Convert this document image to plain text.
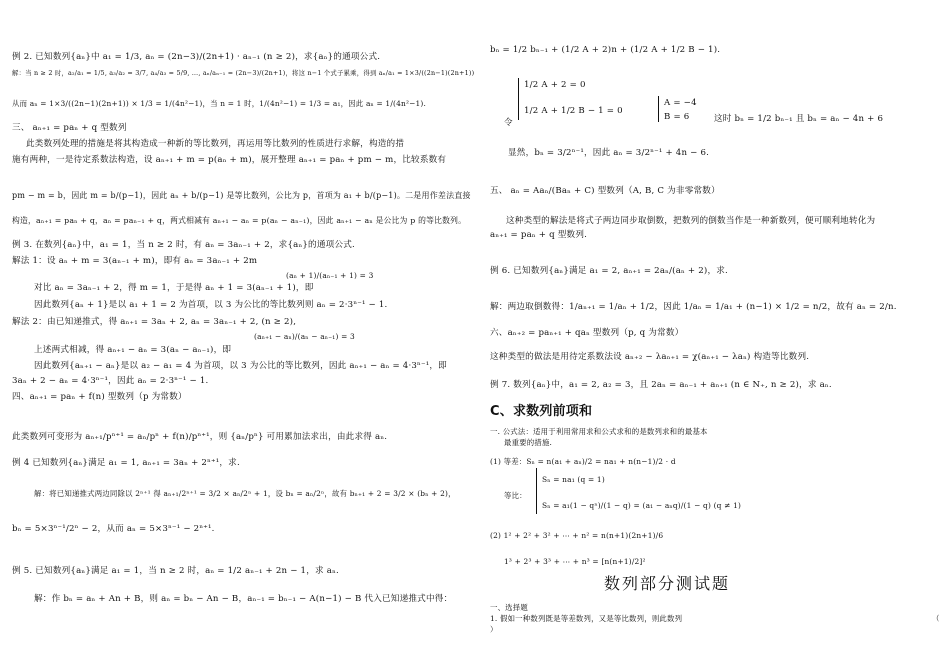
例 2. 已知数列{aₙ}中 a₁ = 1/3, aₙ = (2n−3)/(2n+1) · aₙ₋₁ (n ≥ 2)，求{aₙ}的通项公式.
解：当 n ≥ 2 时，a₂/a₁ = 1/5, a₃/a₂ = 3/7, a₄/a₃ = 5/9, …, aₙ/aₙ₋₁ = (2n−3)/(2n+1)，将这 n−1 个式子累乘，得到 aₙ/a₁ = 1×3/((2n−1)(2n+1))
从而 aₙ = 1×3/((2n−1)(2n+1)) × 1/3 = 1/(4n²−1)，当 n = 1 时，1/(4n²−1) = 1/3 = a₁，因此 aₙ = 1/(4n²−1).
三、 aₙ₊₁ = paₙ + q 型数列
此类数列处理的措施是将其构造成一种新的等比数列，再运用等比数列的性质进行求解，构造的措
施有两种，一是待定系数法构造，设 aₙ₊₁ + m = p(aₙ + m)，展开整理 aₙ₊₁ = paₙ + pm − m，比较系数有
pm − m = b，因此 m = b/(p−1)，因此 aₙ + b/(p−1) 是等比数列，公比为 p，首项为 a₁ + b/(p−1)。二是用作差法直接
构造，aₙ₊₁ = paₙ + q，aₙ = paₙ₋₁ + q，两式相减有 aₙ₊₁ − aₙ = p(aₙ − aₙ₋₁)，因此 aₙ₊₁ − aₙ 是公比为 p 的等比数列。
例 3. 在数列{aₙ}中，a₁ = 1，当 n ≥ 2 时，有 aₙ = 3aₙ₋₁ + 2，求{aₙ}的通项公式.
解法 1：设 aₙ + m = 3(aₙ₋₁ + m)，即有 aₙ = 3aₙ₋₁ + 2m
(aₙ + 1)/(aₙ₋₁ + 1) = 3
对比 aₙ = 3aₙ₋₁ + 2，得 m = 1，于是得 aₙ + 1 = 3(aₙ₋₁ + 1)，即
因此数列{aₙ + 1}是以 a₁ + 1 = 2 为首项，以 3 为公比的等比数列则 aₙ = 2·3ⁿ⁻¹ − 1.
解法 2：由已知递推式，得 aₙ₊₁ = 3aₙ + 2, aₙ = 3aₙ₋₁ + 2, (n ≥ 2),
(aₙ₊₁ − aₙ)/(aₙ − aₙ₋₁) = 3
上述两式相减，得 aₙ₊₁ − aₙ = 3(aₙ − aₙ₋₁)，即
因此数列{aₙ₊₁ − aₙ}是以 a₂ − a₁ = 4 为首项，以 3 为公比的等比数列，因此 aₙ₊₁ − aₙ = 4·3ⁿ⁻¹，即
3aₙ + 2 − aₙ = 4·3ⁿ⁻¹，因此 aₙ = 2·3ⁿ⁻¹ − 1.
四、aₙ₊₁ = paₙ + f(n) 型数列（p 为常数）
此类数列可变形为 aₙ₊₁/pⁿ⁺¹ = aₙ/pⁿ + f(n)/pⁿ⁺¹，则 {aₙ/pⁿ} 可用累加法求出，由此求得 aₙ.
例 4 已知数列{aₙ}满足 a₁ = 1, aₙ₊₁ = 3aₙ + 2ⁿ⁺¹，求.
解：将已知递推式两边同除以 2ⁿ⁺¹ 得 aₙ₊₁/2ⁿ⁺¹ = 3/2 × aₙ/2ⁿ + 1，设 bₙ = aₙ/2ⁿ，故有 bₙ₊₁ + 2 = 3/2 × (bₙ + 2)，
bₙ = 5×3ⁿ⁻¹/2ⁿ − 2，从而 aₙ = 5×3ⁿ⁻¹ − 2ⁿ⁺¹.
例 5. 已知数列{aₙ}满足 a₁ = 1，当 n ≥ 2 时，aₙ = 1/2 aₙ₋₁ + 2n − 1，求 aₙ.
解：作 bₙ = aₙ + An + B，则 aₙ = bₙ − An − B，aₙ₋₁ = bₙ₋₁ − A(n−1) − B 代入已知递推式中得：
bₙ = 1/2 bₙ₋₁ + (1/2 A + 2)n + (1/2 A + 1/2 B − 1).
1/2 A + 2 = 0
1/2 A + 1/2 B − 1 = 0
令
A = −4
B = 6	这时 bₙ = 1/2 bₙ₋₁ 且 bₙ = aₙ − 4n + 6
显然，bₙ = 3/2ⁿ⁻¹，因此 aₙ = 3/2ⁿ⁻¹ + 4n − 6.
五、 aₙ = Aaₙ/(Baₙ + C) 型数列（A, B, C 为非零常数）
这种类型的解法是将式子两边同步取倒数，把数列的倒数当作是一种新数列，便可顺利地转化为
aₙ₊₁ = paₙ + q 型数列.
例 6. 已知数列{aₙ}满足 a₁ = 2, aₙ₊₁ = 2aₙ/(aₙ + 2)，求.
解：两边取倒数得：1/aₙ₊₁ = 1/aₙ + 1/2，因此 1/aₙ = 1/a₁ + (n−1) × 1/2 = n/2，故有 aₙ = 2/n.
六、aₙ₊₂ = paₙ₊₁ + qaₙ 型数列（p, q 为常数）
这种类型的做法是用待定系数法设 aₙ₊₂ − λaₙ₊₁ = χ(aₙ₊₁ − λaₙ) 构造等比数列.
例 7. 数列{aₙ}中，a₁ = 2, a₂ = 3，且 2aₙ = aₙ₋₁ + aₙ₊₁ (n ∈ N₊, n ≥ 2)，求 aₙ.
C、求数列前项和
一. 公式法：适用于利用常用求和公式求和的是数列求和的最基本
最重要的措施.
(1) 等差：Sₙ = n(a₁ + aₙ)/2 = na₁ + n(n−1)/2 · d
Sₙ = na₁ (q = 1)
等比：
Sₙ = a₁(1 − qⁿ)/(1 − q) = (a₁ − aₙq)/(1 − q) (q ≠ 1)
(2) 1² + 2² + 3² + ⋯ + n² = n(n+1)(2n+1)/6
1³ + 2³ + 3³ + ⋯ + n³ = [n(n+1)/2]²
数列部分测试题
一、选择题
1. 假如一种数列既是等差数列，又是等比数列，则此数列	（
）
